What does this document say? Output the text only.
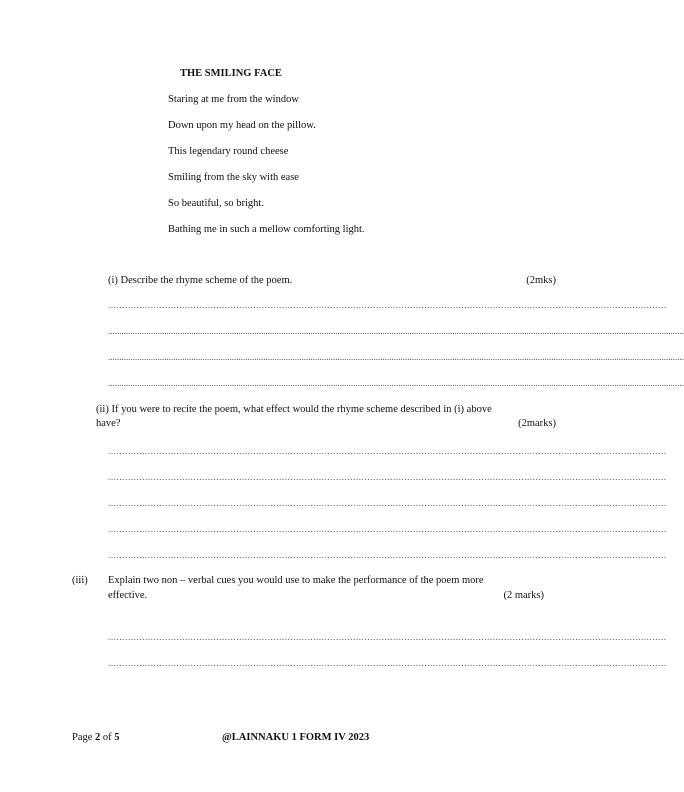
THE SMILING FACE
Staring at me from the window
Down upon my head on the pillow.
This legendary round cheese
Smiling from the sky with ease
So beautiful, so bright.
Bathing me in such a mellow comforting light.
(i) Describe the rhyme scheme of the poem.	(2mks)
....................................................................................................................................................................................................
................................................................................................................................................................................................................................................................
................................................................................................................................................................................................................................................................
................................................................................................................................................................................................................................................................
(ii) If you were to recite the poem, what effect would the rhyme scheme described in (i) above
have?	(2marks)
....................................................................................................................................................................................................
....................................................................................................................................................................................................
....................................................................................................................................................................................................
....................................................................................................................................................................................................
....................................................................................................................................................................................................
(iii) Explain two non – verbal cues you would use to make the performance of the poem more
effective.	(2 marks)
....................................................................................................................................................................................................
....................................................................................................................................................................................................
Page 2 of 5	@LAINNAKU 1 FORM IV 2023
